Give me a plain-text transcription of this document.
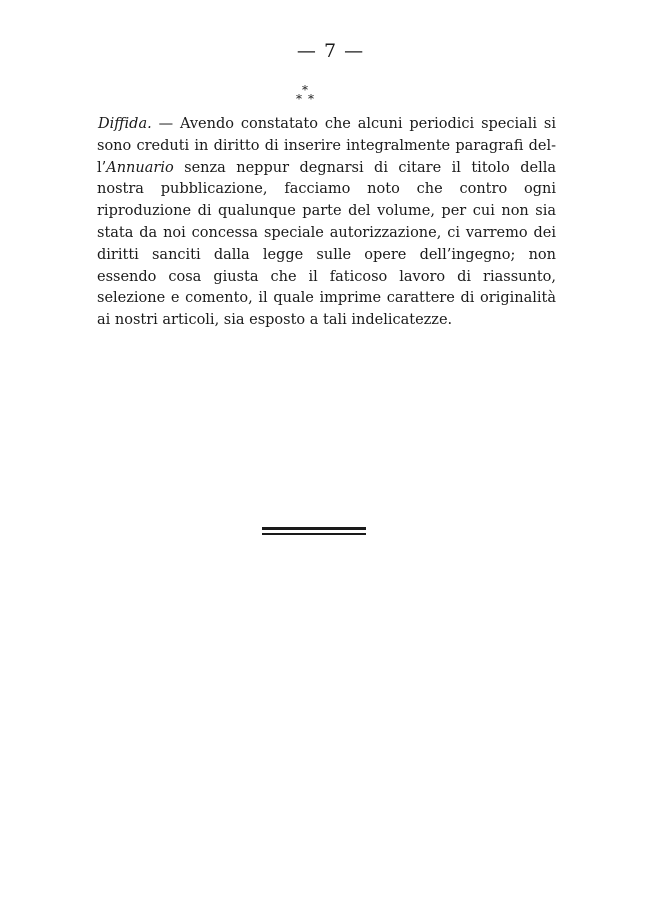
— 7 —
*
* *

Diffida. — Avendo constatato che alcuni periodici speciali si sono creduti in diritto di inserire integralmente paragrafi del-l’Annuario senza neppur degnarsi di citare il titolo della nostra pubblicazione, facciamo noto che contro ogni riproduzione di qualunque parte del volume, per cui non sia stata da noi concessa speciale autorizzazione, ci varremo dei diritti sanciti dalla legge sulle opere dell’ingegno; non essendo cosa giusta che il faticoso lavoro di riassunto, selezione e comento, il quale imprime carattere di originalità ai nostri articoli, sia esposto a tali indelicatezze.
